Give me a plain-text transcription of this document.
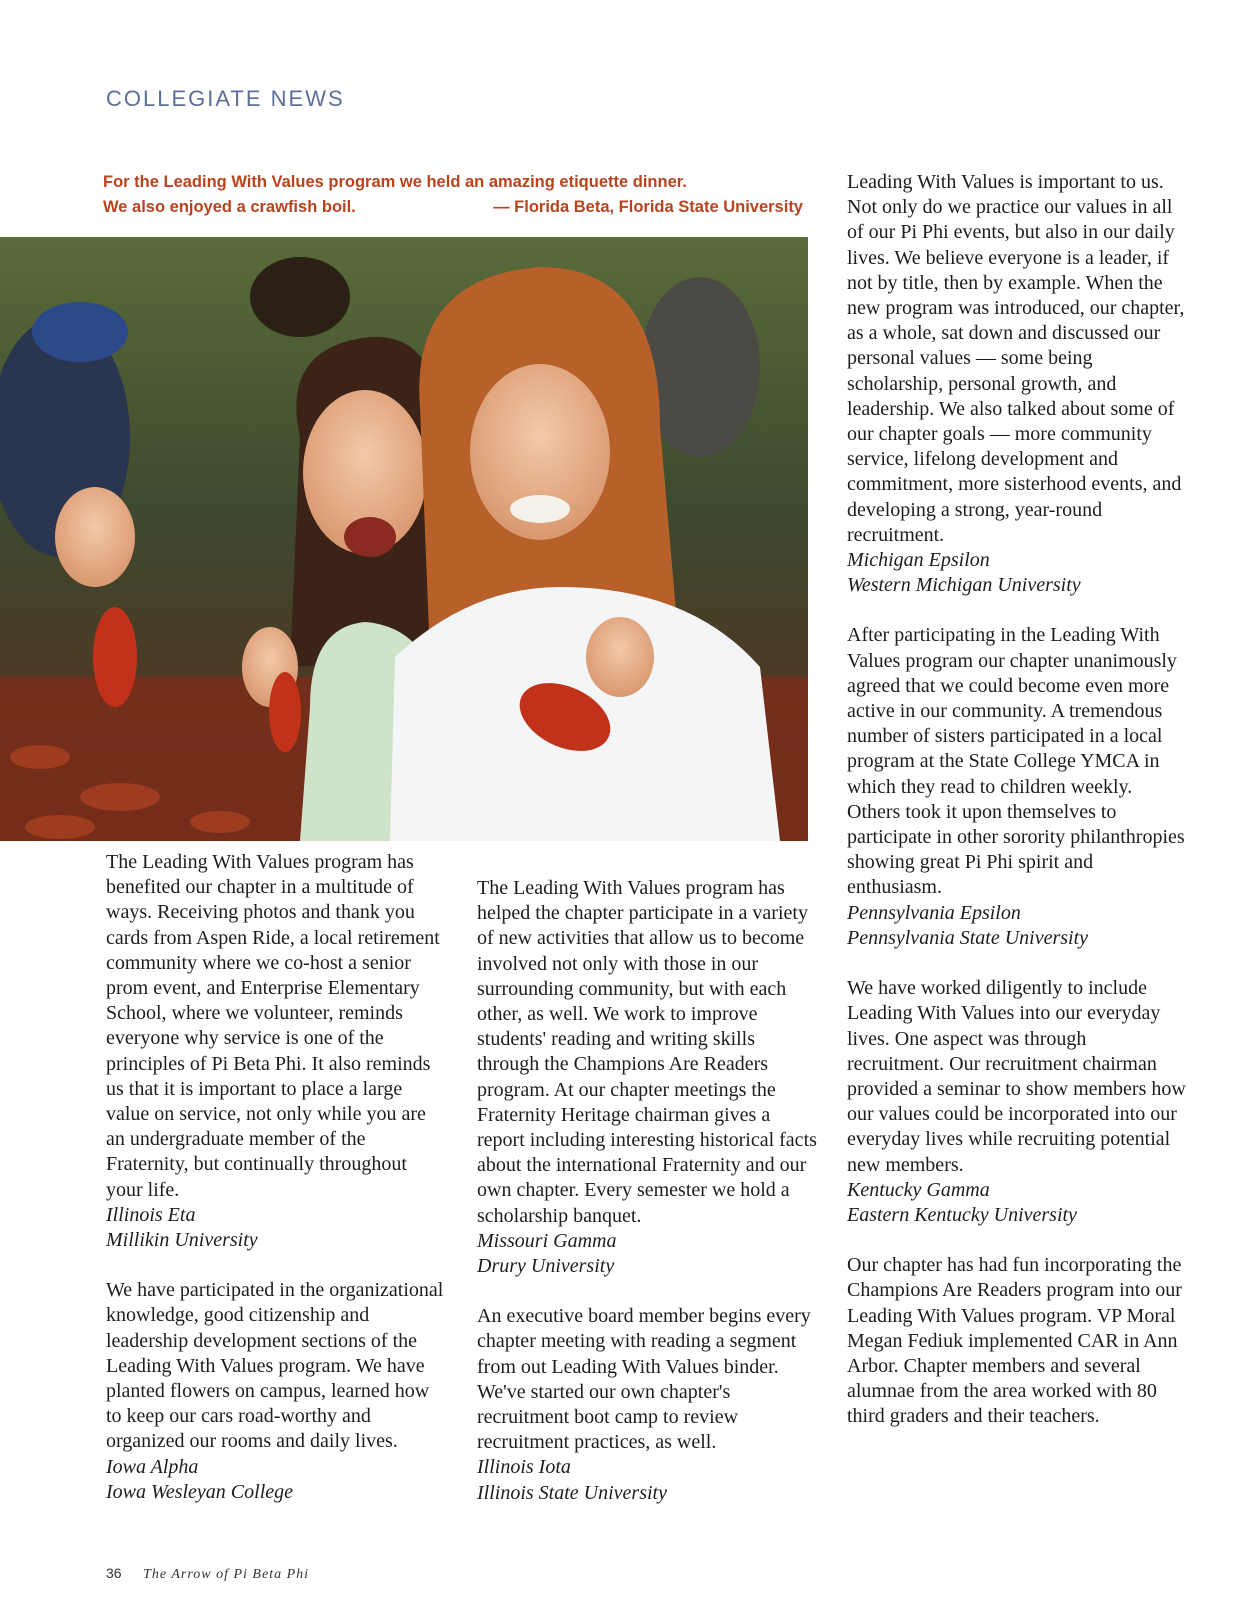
COLLEGIATE NEWS
For the Leading With Values program we held an amazing etiquette dinner.
We also enjoyed a crawfish boil.	— Florida Beta, Florida State University

The Leading With Values program has benefited our chapter in a multitude of ways. Receiving photos and thank you cards from Aspen Ride, a local retirement community where we co-host a senior prom event, and Enterprise Elementary School, where we volunteer, reminds everyone why service is one of the principles of Pi Beta Phi. It also reminds us that it is important to place a large value on service, not only while you are an undergraduate member of the Fraternity, but continually throughout your life.

Illinois Eta
Millikin University

We have participated in the organizational knowledge, good citizenship and leadership development sections of the Leading With Values program. We have planted flowers on campus, learned how to keep our cars road-worthy and organized our rooms and daily lives.

Iowa Alpha
Iowa Wesleyan College

The Leading With Values program has helped the chapter participate in a variety of new activities that allow us to become involved not only with those in our surrounding community, but with each other, as well. We work to improve students' reading and writing skills through the Champions Are Readers program. At our chapter meetings the Fraternity Heritage chairman gives a report including interesting historical facts about the international Fraternity and our own chapter. Every semester we hold a scholarship banquet.

Missouri Gamma
Drury University

An executive board member begins every chapter meeting with reading a segment from out Leading With Values binder. We've started our own chapter's recruitment boot camp to review recruitment practices, as well.

Illinois Iota
Illinois State University

Leading With Values is important to us. Not only do we practice our values in all of our Pi Phi events, but also in our daily lives. We believe everyone is a leader, if not by title, then by example. When the new program was introduced, our chapter, as a whole, sat down and discussed our personal values — some being scholarship, personal growth, and leadership. We also talked about some of our chapter goals — more community service, lifelong development and commitment, more sisterhood events, and developing a strong, year-round recruitment.

Michigan Epsilon
Western Michigan University

After participating in the Leading With Values program our chapter unanimously agreed that we could become even more active in our community. A tremendous number of sisters participated in a local program at the State College YMCA in which they read to children weekly. Others took it upon themselves to participate in other sorority philanthropies showing great Pi Phi spirit and enthusiasm.

Pennsylvania Epsilon
Pennsylvania State University

We have worked diligently to include Leading With Values into our everyday lives. One aspect was through recruitment. Our recruitment chairman provided a seminar to show members how our values could be incorporated into our everyday lives while recruiting potential new members.

Kentucky Gamma
Eastern Kentucky University

Our chapter has had fun incorporating the Champions Are Readers program into our Leading With Values program. VP Moral Megan Fediuk implemented CAR in Ann Arbor. Chapter members and several alumnae from the area worked with 80 third graders and their teachers.

36 The Arrow of Pi Beta Phi
